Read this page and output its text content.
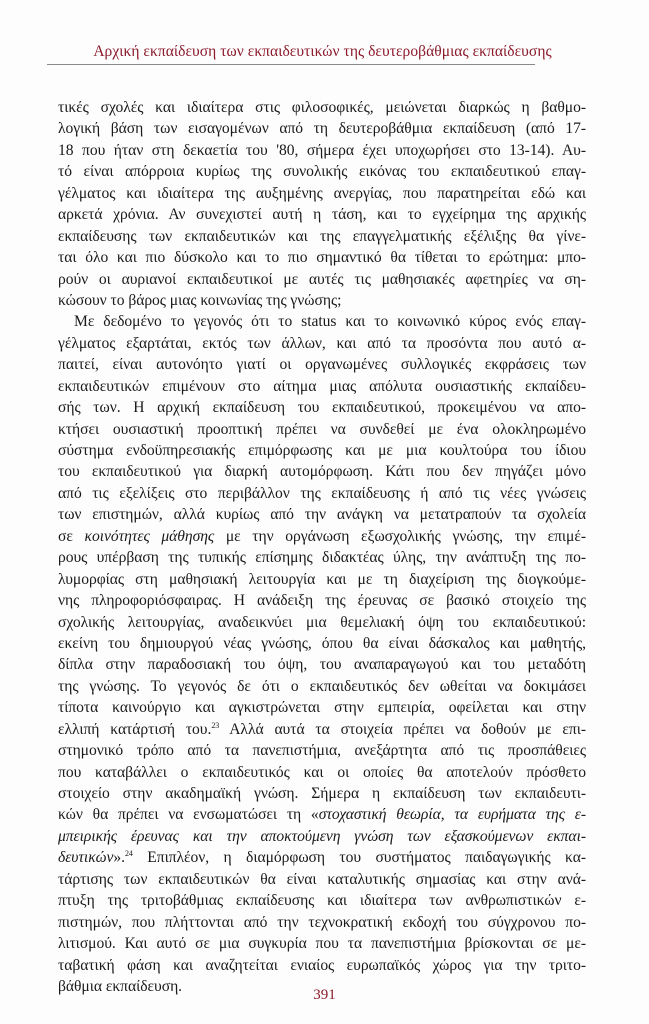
Αρχική εκπαίδευση των εκπαιδευτικών της δευτεροβάθμιας εκπαίδευσης
τικές σχολές και ιδιαίτερα στις φιλοσοφικές, μειώνεται διαρκώς η βαθμο-
λογική βάση των εισαγομένων από τη δευτεροβάθμια εκπαίδευση (από 17-
18 που ήταν στη δεκαετία του '80, σήμερα έχει υποχωρήσει στο 13-14). Αυ-
τό είναι απόρροια κυρίως της συνολικής εικόνας του εκπαιδευτικού επαγ-
γέλματος και ιδιαίτερα της αυξημένης ανεργίας, που παρατηρείται εδώ και
αρκετά χρόνια. Αν συνεχιστεί αυτή η τάση, και το εγχείρημα της αρχικής
εκπαίδευσης των εκπαιδευτικών και της επαγγελματικής εξέλιξης θα γίνε-
ται όλο και πιο δύσκολο και το πιο σημαντικό θα τίθεται το ερώτημα: μπο-
ρούν οι αυριανοί εκπαιδευτικοί με αυτές τις μαθησιακές αφετηρίες να ση-
κώσουν το βάρος μιας κοινωνίας της γνώσης;
Με δεδομένο το γεγονός ότι το status και το κοινωνικό κύρος ενός επαγ-
γέλματος εξαρτάται, εκτός των άλλων, και από τα προσόντα που αυτό α-
παιτεί, είναι αυτονόητο γιατί οι οργανωμένες συλλογικές εκφράσεις των
εκπαιδευτικών επιμένουν στο αίτημα μιας απόλυτα ουσιαστικής εκπαίδευ-
σής των. Η αρχική εκπαίδευση του εκπαιδευτικού, προκειμένου να απο-
κτήσει ουσιαστική προοπτική πρέπει να συνδεθεί με ένα ολοκληρωμένο
σύστημα ενδοϋπηρεσιακής επιμόρφωσης και με μια κουλτούρα του ίδιου
του εκπαιδευτικού για διαρκή αυτομόρφωση. Κάτι που δεν πηγάζει μόνο
από τις εξελίξεις στο περιβάλλον της εκπαίδευσης ή από τις νέες γνώσεις
των επιστημών, αλλά κυρίως από την ανάγκη να μετατραπούν τα σχολεία
σε κοινότητες μάθησης με την οργάνωση εξωσχολικής γνώσης, την επιμέ-
ρους υπέρβαση της τυπικής επίσημης διδακτέας ύλης, την ανάπτυξη της πο-
λυμορφίας στη μαθησιακή λειτουργία και με τη διαχείριση της διογκούμε-
νης πληροφοριόσφαιρας. Η ανάδειξη της έρευνας σε βασικό στοιχείο της
σχολικής λειτουργίας, αναδεικνύει μια θεμελιακή όψη του εκπαιδευτικού:
εκείνη του δημιουργού νέας γνώσης, όπου θα είναι δάσκαλος και μαθητής,
δίπλα στην παραδοσιακή του όψη, του αναπαραγωγού και του μεταδότη
της γνώσης. Το γεγονός δε ότι ο εκπαιδευτικός δεν ωθείται να δοκιμάσει
τίποτα καινούργιο και αγκιστρώνεται στην εμπειρία, οφείλεται και στην
ελλιπή κατάρτισή του.$^{23}$ Αλλά αυτά τα στοιχεία πρέπει να δοθούν με επι-
στημονικό τρόπο από τα πανεπιστήμια, ανεξάρτητα από τις προσπάθειες
που καταβάλλει ο εκπαιδευτικός και οι οποίες θα αποτελούν πρόσθετο
στοιχείο στην ακαδημαϊκή γνώση. Σήμερα η εκπαίδευση των εκπαιδευτι-
κών θα πρέπει να ενσωματώσει τη «στοχαστική θεωρία, τα ευρήματα της ε-
μπειρικής έρευνας και την αποκτούμενη γνώση των εξασκούμενων εκπαι-
δευτικών».$^{24}$ Επιπλέον, η διαμόρφωση του συστήματος παιδαγωγικής κα-
τάρτισης των εκπαιδευτικών θα είναι καταλυτικής σημασίας και στην ανά-
πτυξη της τριτοβάθμιας εκπαίδευσης και ιδιαίτερα των ανθρωπιστικών ε-
πιστημών, που πλήττονται από την τεχνοκρατική εκδοχή του σύγχρονου πο-
λιτισμού. Και αυτό σε μια συγκυρία που τα πανεπιστήμια βρίσκονται σε με-
ταβατική φάση και αναζητείται ενιαίος ευρωπαϊκός χώρος για την τριτο-
βάθμια εκπαίδευση.
391
